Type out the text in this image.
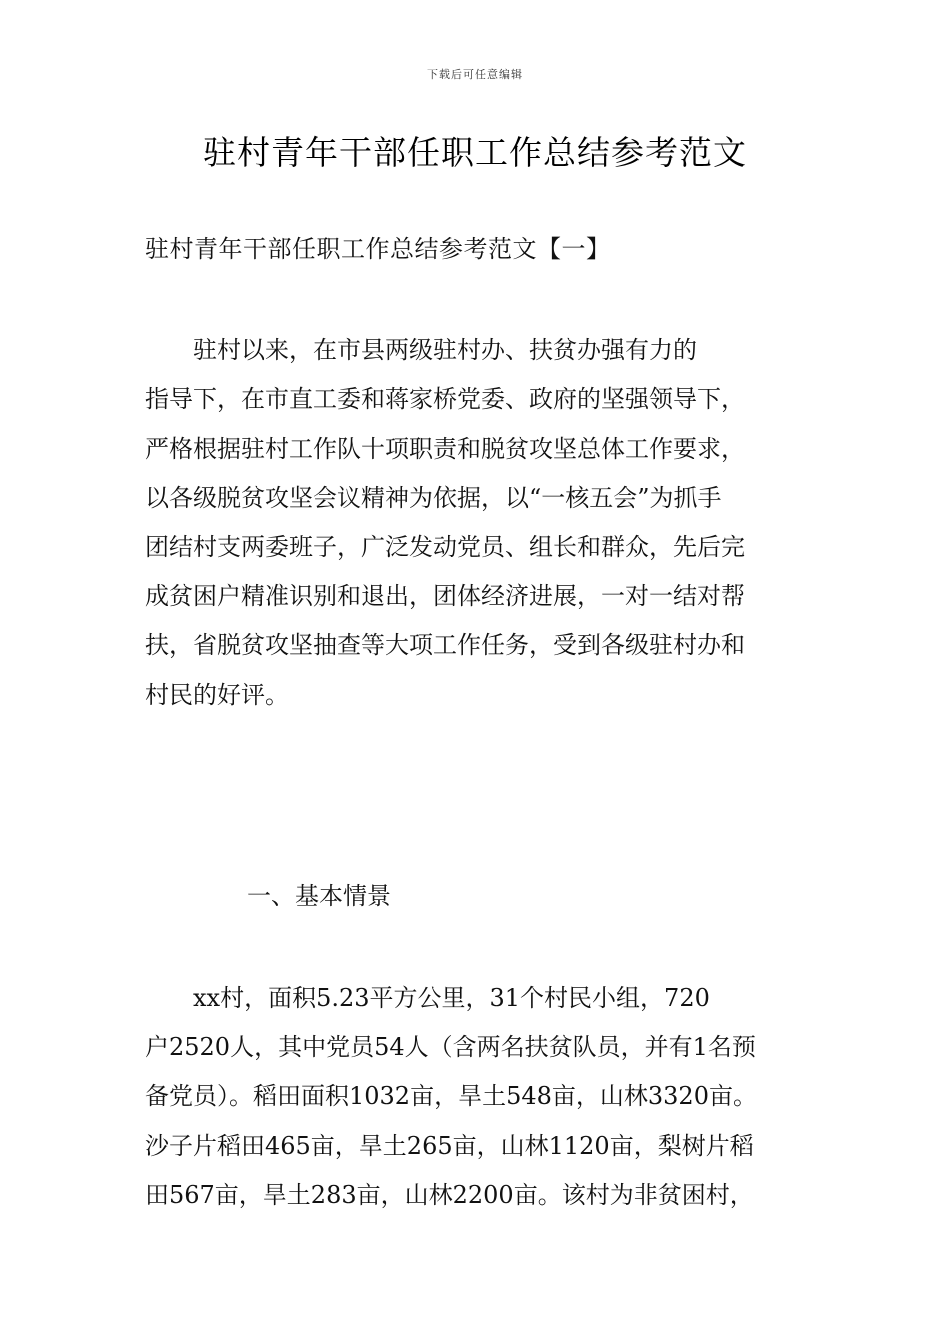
下载后可任意编辑
驻村青年干部任职工作总结参考范文

驻村青年干部任职工作总结参考范文【一】

　　驻村以来，在市县两级驻村办、扶贫办强有力的

指导下，在市直工委和蒋家桥党委、政府的坚强领导下，

严格根据驻村工作队十项职责和脱贫攻坚总体工作要求，

以各级脱贫攻坚会议精神为依据，以“一核五会”为抓手

团结村支两委班子，广泛发动党员、组长和群众，先后完

成贫困户精准识别和退出，团体经济进展，一对一结对帮

扶，省脱贫攻坚抽查等大项工作任务，受到各级驻村办和

村民的好评。

一、基本情景

　　xx村，面积5.23平方公里，31个村民小组，720

户2520人，其中党员54人（含两名扶贫队员，并有1名预

备党员）。稻田面积1032亩，旱土548亩，山林3320亩。

沙子片稻田465亩，旱土265亩，山林1120亩，梨树片稻

田567亩，旱土283亩，山林2200亩。该村为非贫困村，
